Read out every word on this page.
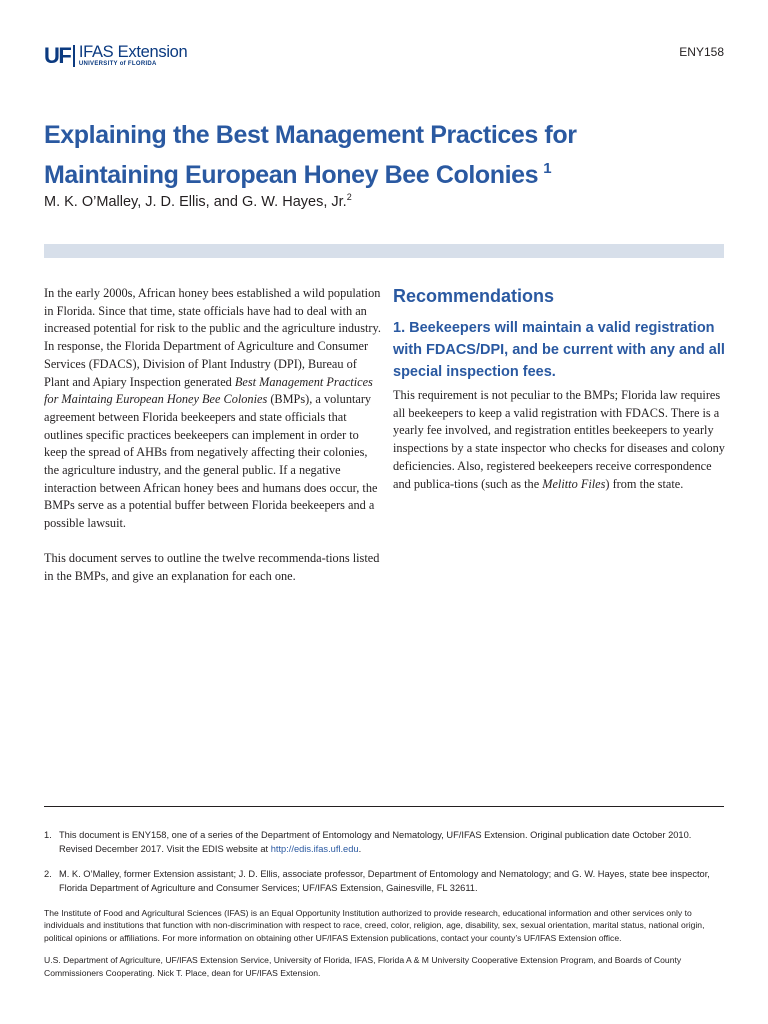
UF IFAS Extension
UNIVERSITY of FLORIDA
ENY158
Explaining the Best Management Practices for
Maintaining European Honey Bee Colonies $^1$

M. K. O’Malley, J. D. Ellis, and G. W. Hayes, Jr.$^2$

In the early 2000s, African honey bees established a wild population in Florida. Since that time, state officials have had to deal with an increased potential for risk to the public and the agriculture industry. In response, the Florida Department of Agriculture and Consumer Services (FDACS), Division of Plant Industry (DPI), Bureau of Plant and Apiary Inspection generated Best Management Practices for Maintaing European Honey Bee Colonies (BMPs), a voluntary agreement between Florida beekeepers and state officials that outlines specific practices beekeepers can implement in order to keep the spread of AHBs from negatively affecting their colonies, the agriculture industry, and the general public. If a negative interaction between African honey bees and humans does occur, the BMPs serve as a potential buffer between Florida beekeepers and a possible lawsuit.

This document serves to outline the twelve recommenda-tions listed in the BMPs, and give an explanation for each one.

Recommendations
1. Beekeepers will maintain a valid registration with FDACS/DPI, and be current with any and all special inspection fees.

This requirement is not peculiar to the BMPs; Florida law requires all beekeepers to keep a valid registration with FDACS. There is a yearly fee involved, and registration entitles beekeepers to yearly inspections by a state inspector who checks for diseases and colony deficiencies. Also, registered beekeepers receive correspondence and publica-tions (such as the Melitto Files) from the state.

1. This document is ENY158, one of a series of the Department of Entomology and Nematology, UF/IFAS Extension. Original publication date October 2010. Revised December 2017. Visit the EDIS website at http://edis.ifas.ufl.edu.
2. M. K. O’Malley, former Extension assistant; J. D. Ellis, associate professor, Department of Entomology and Nematology; and G. W. Hayes, state bee inspector, Florida Department of Agriculture and Consumer Services; UF/IFAS Extension, Gainesville, FL 32611.

The Institute of Food and Agricultural Sciences (IFAS) is an Equal Opportunity Institution authorized to provide research, educational information and other services only to individuals and institutions that function with non-discrimination with respect to race, creed, color, religion, age, disability, sex, sexual orientation, marital status, national origin, political opinions or affiliations. For more information on obtaining other UF/IFAS Extension publications, contact your county’s UF/IFAS Extension office.

U.S. Department of Agriculture, UF/IFAS Extension Service, University of Florida, IFAS, Florida A & M University Cooperative Extension Program, and Boards of County Commissioners Cooperating. Nick T. Place, dean for UF/IFAS Extension.
